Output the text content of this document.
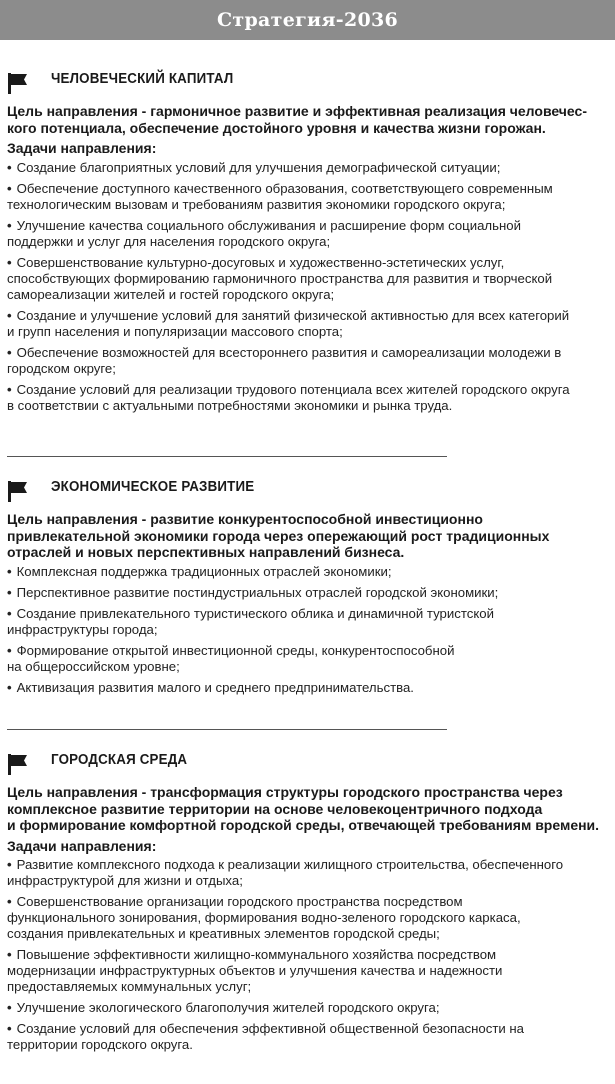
Стратегия-2036
ЧЕЛОВЕЧЕСКИЙ КАПИТАЛ
Цель направления - гармоничное развитие и эффективная реализация человечес-
кого потенциала, обеспечение достойного уровня и качества жизни горожан.
Задачи направления:
• Создание благоприятных условий для улучшения демографической ситуации;
• Обеспечение доступного качественного образования, соответствующего современным
технологическим вызовам и требованиям развития экономики городского округа;
• Улучшение качества социального обслуживания и расширение форм социальной
поддержки и услуг для населения городского округа;
• Совершенствование культурно-досуговых и художественно-эстетических услуг,
способствующих формированию гармоничного пространства для развития и творческой
самореализации жителей и гостей городского округа;
• Создание и улучшение условий для занятий физической активностью для всех категорий
и групп населения и популяризации массового спорта;
• Обеспечение возможностей для всестороннего развития и самореализации молодежи в
городском округе;
• Создание условий для реализации трудового потенциала всех жителей городского округа
в соответствии с актуальными потребностями экономики и рынка труда.
ЭКОНОМИЧЕСКОЕ РАЗВИТИЕ
Цель направления - развитие конкурентоспособной инвестиционно
привлекательной экономики города через опережающий рост традиционных
отраслей и новых перспективных направлений бизнеса.
• Комплексная поддержка традиционных отраслей экономики;
• Перспективное развитие постиндустриальных отраслей городской экономики;
• Создание привлекательного туристического облика и динамичной туристской
инфраструктуры города;
• Формирование открытой инвестиционной среды, конкурентоспособной
на общероссийском уровне;
• Активизация развития малого и среднего предпринимательства.
ГОРОДСКАЯ СРЕДА
Цель направления - трансформация структуры городского пространства через
комплексное развитие территории на основе человекоцентричного подхода
и формирование комфортной городской среды, отвечающей требованиям времени.
Задачи направления:
• Развитие комплексного подхода к реализации жилищного строительства, обеспеченного
инфраструктурой для жизни и отдыха;
• Совершенствование организации городского пространства посредством
функционального зонирования, формирования водно-зеленого городского каркаса,
создания привлекательных и креативных элементов городской среды;
• Повышение эффективности жилищно-коммунального хозяйства посредством
модернизации инфраструктурных объектов и улучшения качества и надежности
предоставляемых коммунальных услуг;
• Улучшение экологического благополучия жителей городского округа;
• Создание условий для обеспечения эффективной общественной безопасности на
территории городского округа.
